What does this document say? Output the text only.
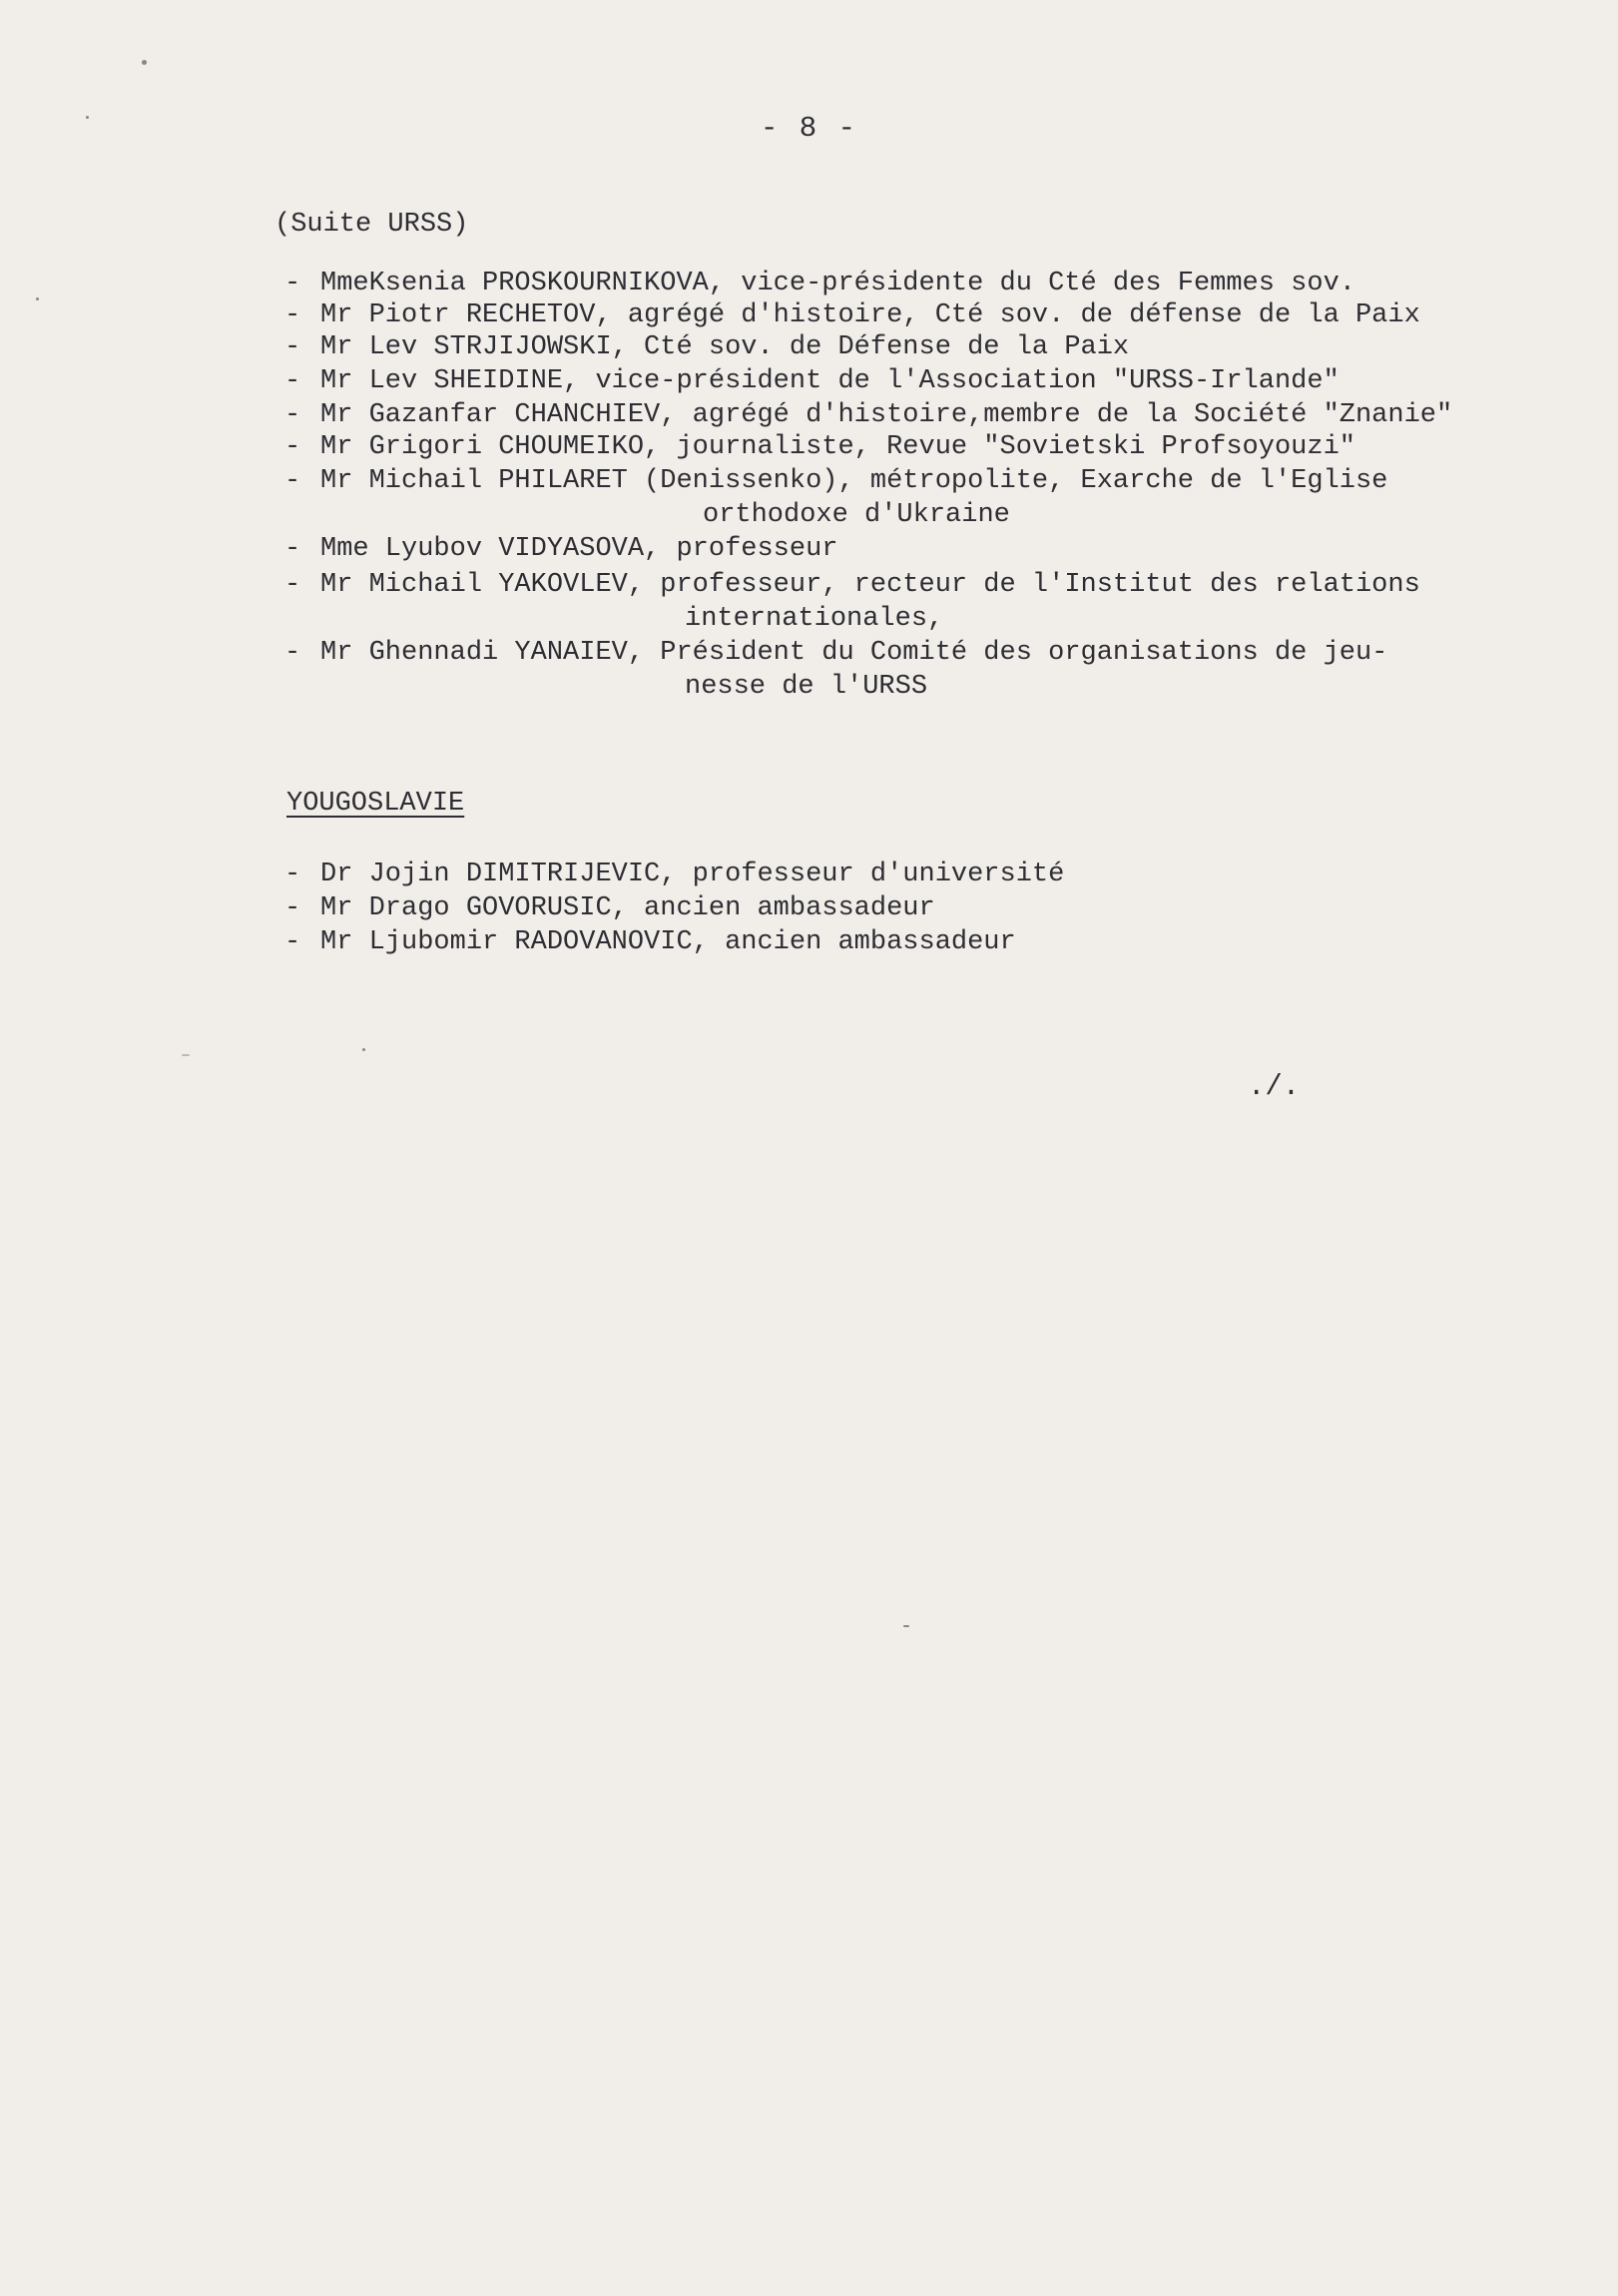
- 8 -
(Suite URSS)
- MmeKsenia PROSKOURNIKOVA, vice-présidente du Cté des Femmes sov.
- Mr Piotr RECHETOV, agrégé d'histoire, Cté sov. de défense de la Paix
- Mr Lev STRJIJOWSKI, Cté sov. de Défense de la Paix
- Mr Lev SHEIDINE, vice-président de l'Association "URSS-Irlande"
- Mr Gazanfar CHANCHIEV, agrégé d'histoire,membre de la Société "Znanie"
- Mr Grigori CHOUMEIKO, journaliste, Revue "Sovietski Profsoyouzi"
- Mr Michail PHILARET (Denissenko), métropolite, Exarche de l'Eglise
orthodoxe d'Ukraine
- Mme Lyubov VIDYASOVA, professeur
- Mr Michail YAKOVLEV, professeur, recteur de l'Institut des relations
internationales,
- Mr Ghennadi YANAIEV, Président du Comité des organisations de jeu-
nesse de l'URSS
YOUGOSLAVIE
- Dr Jojin DIMITRIJEVIC, professeur d'université
- Mr Drago GOVORUSIC, ancien ambassadeur
- Mr Ljubomir RADOVANOVIC, ancien ambassadeur
./.
